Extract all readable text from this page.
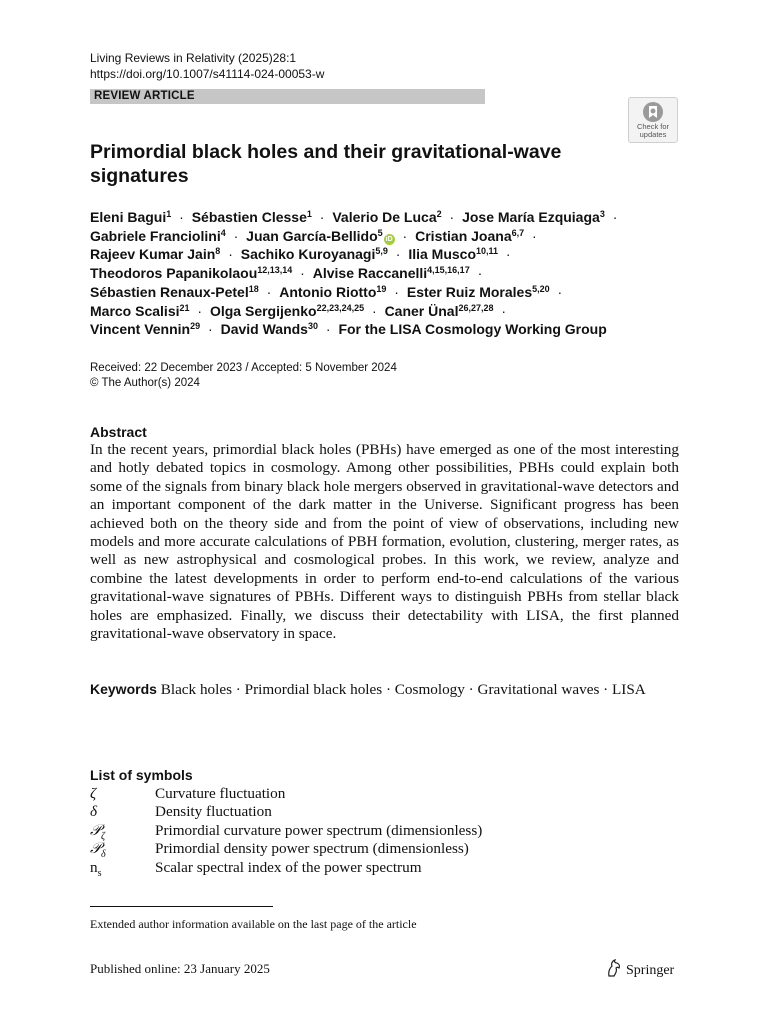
Living Reviews in Relativity (2025)28:1
https://doi.org/10.1007/s41114-024-00053-w
REVIEW ARTICLE
Check for
updates
Primordial black holes and their gravitational-wave signatures
Eleni Bagui$^1$ · Sébastien Clesse$^1$ · Valerio De Luca$^2$ · Jose María Ezquiaga$^3$ ·
Gabriele Franciolini$^4$ · Juan García-Bellido$^5$iD · Cristian Joana$^{6,7}$ ·
Rajeev Kumar Jain$^8$ · Sachiko Kuroyanagi$^{5,9}$ · Ilia Musco$^{10,11}$ ·
Theodoros Papanikolaou$^{12,13,14}$ · Alvise Raccanelli$^{4,15,16,17}$ ·
Sébastien Renaux-Petel$^{18}$ · Antonio Riotto$^{19}$ · Ester Ruiz Morales$^{5,20}$ ·
Marco Scalisi$^{21}$ · Olga Sergijenko$^{22,23,24,25}$ · Caner Ünal$^{26,27,28}$ ·
Vincent Vennin$^{29}$ · David Wands$^{30}$ · For the LISA Cosmology Working Group
Received: 22 December 2023 / Accepted: 5 November 2024
© The Author(s) 2024
Abstract
In the recent years, primordial black holes (PBHs) have emerged as one of the most interesting and hotly debated topics in cosmology. Among other possibilities, PBHs could explain both some of the signals from binary black hole mergers observed in gravitational-wave detectors and an important component of the dark matter in the Universe. Significant progress has been achieved both on the theory side and from the point of view of observations, including new models and more accurate calculations of PBH formation, evolution, clustering, merger rates, as well as new astrophysical and cosmological probes. In this work, we review, analyze and combine the latest developments in order to perform end-to-end calculations of the various gravitational-wave signatures of PBHs. Different ways to distinguish PBHs from stellar black holes are emphasized. Finally, we discuss their detectability with LISA, the first planned gravitational-wave observatory in space.
Keywords Black holes · Primordial black holes · Cosmology · Gravitational waves · LISA
List of symbols
ζ	Curvature fluctuation
δ	Density fluctuation
𝒫$_\zeta$	Primordial curvature power spectrum (dimensionless)
𝒫$_\delta$	Primordial density power spectrum (dimensionless)
$n_s$	Scalar spectral index of the power spectrum
Extended author information available on the last page of the article
Published online: 23 January 2025	Springer
